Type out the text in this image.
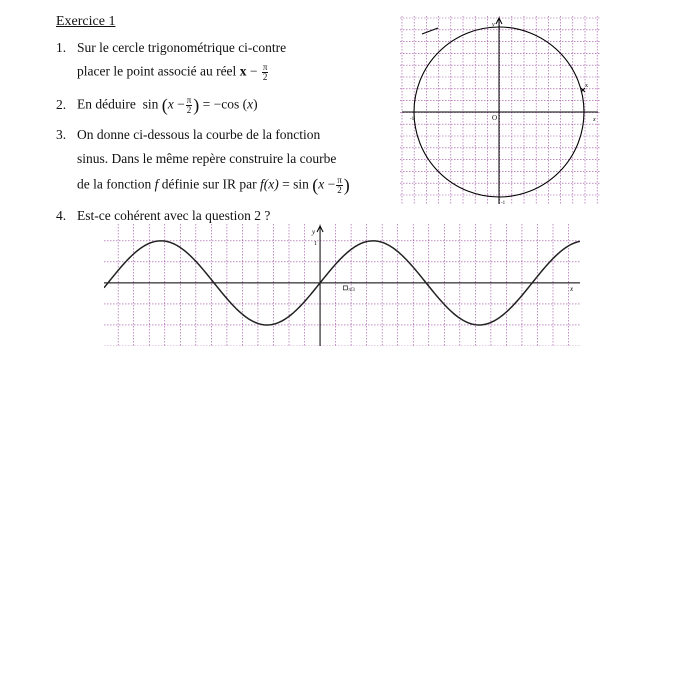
Exercice 1
1. Sur le cercle trigonométrique ci-contre
placer le point associé au réel $x - \frac{\pi}{2}$
2. En déduire $\sin (x - \frac{\pi}{2}$ ) = −cos (x)
3. On donne ci-dessous la courbe de la fonction
sinus. Dans le même repère construire la courbe
de la fonction f définie sur IR par $f(x) = \sin (x - \frac{\pi}{2}$ )
4. Est-ce cohérent avec la question 2 ?
x
O	x
y
-1
-1
1
π/3	x
y
